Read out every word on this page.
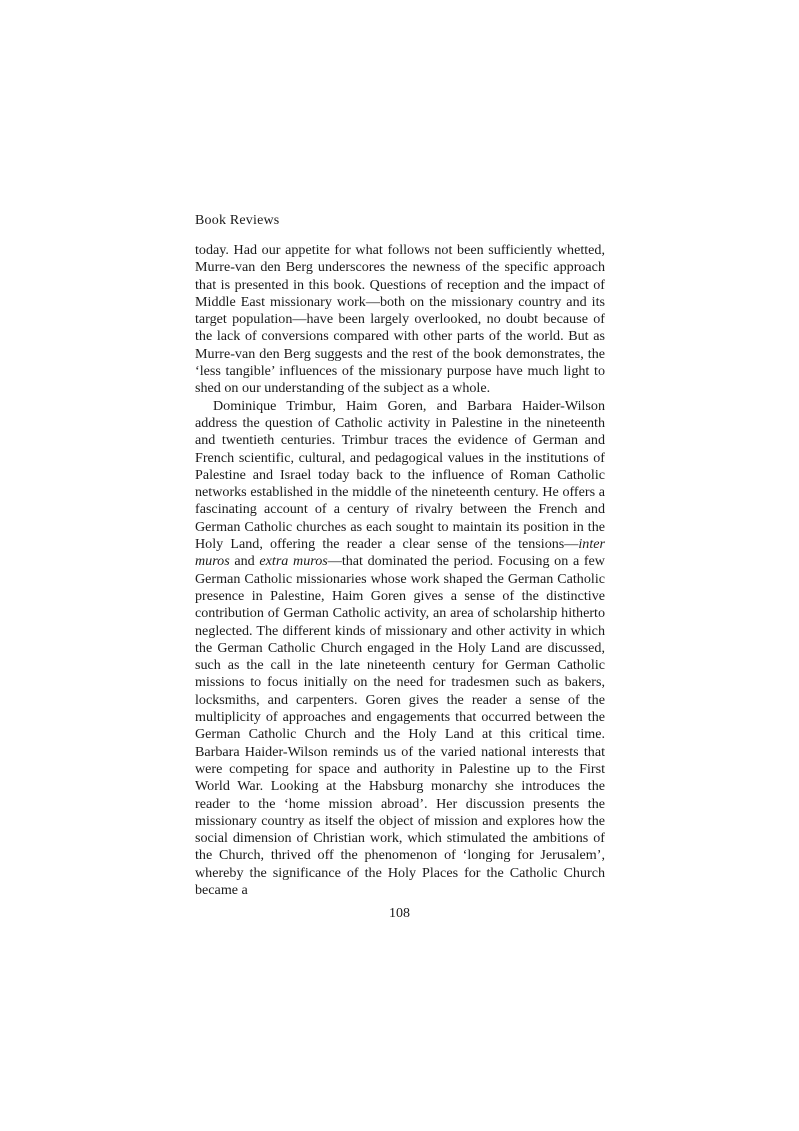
Book Reviews

today. Had our appetite for what follows not been sufficiently whetted, Murre-van den Berg underscores the newness of the specific approach that is presented in this book. Questions of reception and the impact of Middle East missionary work—both on the missionary country and its target population—have been largely overlooked, no doubt because of the lack of conversions compared with other parts of the world. But as Murre-van den Berg suggests and the rest of the book demonstrates, the ‘less tangible’ influences of the missionary purpose have much light to shed on our understanding of the subject as a whole.

Dominique Trimbur, Haim Goren, and Barbara Haider-Wilson address the question of Catholic activity in Palestine in the nineteenth and twentieth centuries. Trimbur traces the evidence of German and French scientific, cultural, and pedagogical values in the institutions of Palestine and Israel today back to the influence of Roman Catholic networks established in the middle of the nineteenth century. He offers a fascinating account of a century of rivalry between the French and German Catholic churches as each sought to maintain its position in the Holy Land, offering the reader a clear sense of the tensions—inter muros and extra muros—that dominated the period. Focusing on a few German Catholic missionaries whose work shaped the German Catholic presence in Palestine, Haim Goren gives a sense of the distinctive contribution of German Catholic activity, an area of scholarship hitherto neglected. The different kinds of missionary and other activity in which the German Catholic Church engaged in the Holy Land are discussed, such as the call in the late nineteenth century for German Catholic missions to focus initially on the need for tradesmen such as bakers, locksmiths, and carpenters. Goren gives the reader a sense of the multiplicity of approaches and engagements that occurred between the German Catholic Church and the Holy Land at this critical time. Barbara Haider-Wilson reminds us of the varied national interests that were competing for space and authority in Palestine up to the First World War. Looking at the Habsburg monarchy she introduces the reader to the ‘home mission abroad’. Her discussion presents the missionary country as itself the object of mission and explores how the social dimension of Christian work, which stimulated the ambitions of the Church, thrived off the phenomenon of ‘longing for Jerusalem’, whereby the significance of the Holy Places for the Catholic Church became a

108
